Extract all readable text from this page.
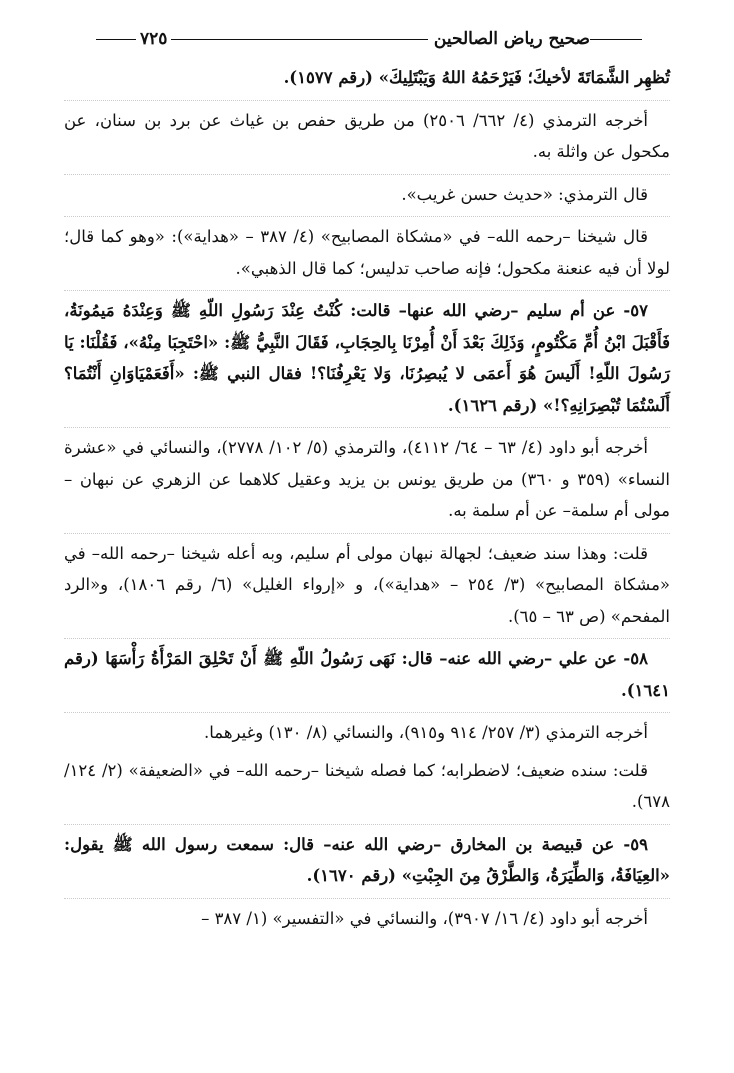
صحيح رياض الصالحين
٧٢٥

تُظهِر الشَّمَاتَةَ لأخيكَ؛ فَيَرْحَمُهُ اللهُ وَيَبْتَلِيكَ» (رقم ١٥٧٧).

أخرجه الترمذي (٤/ ٦٦٢/ ٢٥٠٦) من طريق حفص بن غياث عن برد بن سنان، عن مكحول عن واثلة به.

قال الترمذي: «حديث حسن غريب».

قال شيخنا –رحمه الله– في «مشكاة المصابيح» (٤/ ٣٨٧ – «هداية»): «وهو كما قال؛ لولا أن فيه عنعنة مكحول؛ فإنه صاحب تدليس؛ كما قال الذهبي».

٥٧- عن أم سليم –رضي الله عنها– قالت: كُنْتُ عِنْدَ رَسُولِ اللّهِ ﷺ وَعِنْدَهُ مَيمُونَةُ، فَأَقْبَلَ ابْنُ أُمِّ مَكْتُومٍ، وَذَلِكَ بَعْدَ أَنْ أُمِرْنَا بِالحِجَابِ، فَقَالَ النَّبِيُّ ﷺ: «احْتَجِبَا مِنْهُ»، فَقُلْنَا: يَا رَسُولَ اللّهِ! أَلَيسَ هُوَ أَعمَى لا يُبصِرُنَا، وَلا يَعْرِفُنَا؟! فقال النبي ﷺ: «أَفَعَمْيَاوَانِ أَنْتُمَا؟ أَلَسْتُمَا تُبْصِرَانِهِ؟!» (رقم ١٦٢٦).

أخرجه أبو داود (٤/ ٦٣ – ٦٤/ ٤١١٢)، والترمذي (٥/ ١٠٢/ ٢٧٧٨)، والنسائي في «عشرة النساء» (٣٥٩ و ٣٦٠) من طريق يونس بن يزيد وعقيل كلاهما عن الزهري عن نبهان –مولى أم سلمة– عن أم سلمة به.

قلت: وهذا سند ضعيف؛ لجهالة نبهان مولى أم سليم، وبه أعله شيخنا –رحمه الله– في «مشكاة المصابيح» (٣/ ٢٥٤ – «هداية»)، و «إرواء الغليل» (٦/ رقم ١٨٠٦)، و«الرد المفحم» (ص ٦٣ – ٦٥).

٥٨- عن علي –رضي الله عنه– قال: نَهَى رَسُولُ اللّهِ ﷺ أَنْ تَحْلِقَ المَرْأَةُ رَأْسَهَا (رقم ١٦٤١).

أخرجه الترمذي (٣/ ٢٥٧/ ٩١٤ و٩١٥)، والنسائي (٨/ ١٣٠) وغيرهما.

قلت: سنده ضعيف؛ لاضطرابه؛ كما فصله شيخنا –رحمه الله– في «الضعيفة» (٢/ ١٢٤/ ٦٧٨).

٥٩- عن قبيصة بن المخارق –رضي الله عنه– قال: سمعت رسول الله ﷺ يقول: «العِيَافَةُ، وَالطِّيَرَةُ، وَالطَّرْقُ مِنَ الجِبْتِ» (رقم ١٦٧٠).

أخرجه أبو داود (٤/ ١٦/ ٣٩٠٧)، والنسائي في «التفسير» (١/ ٣٨٧ –
